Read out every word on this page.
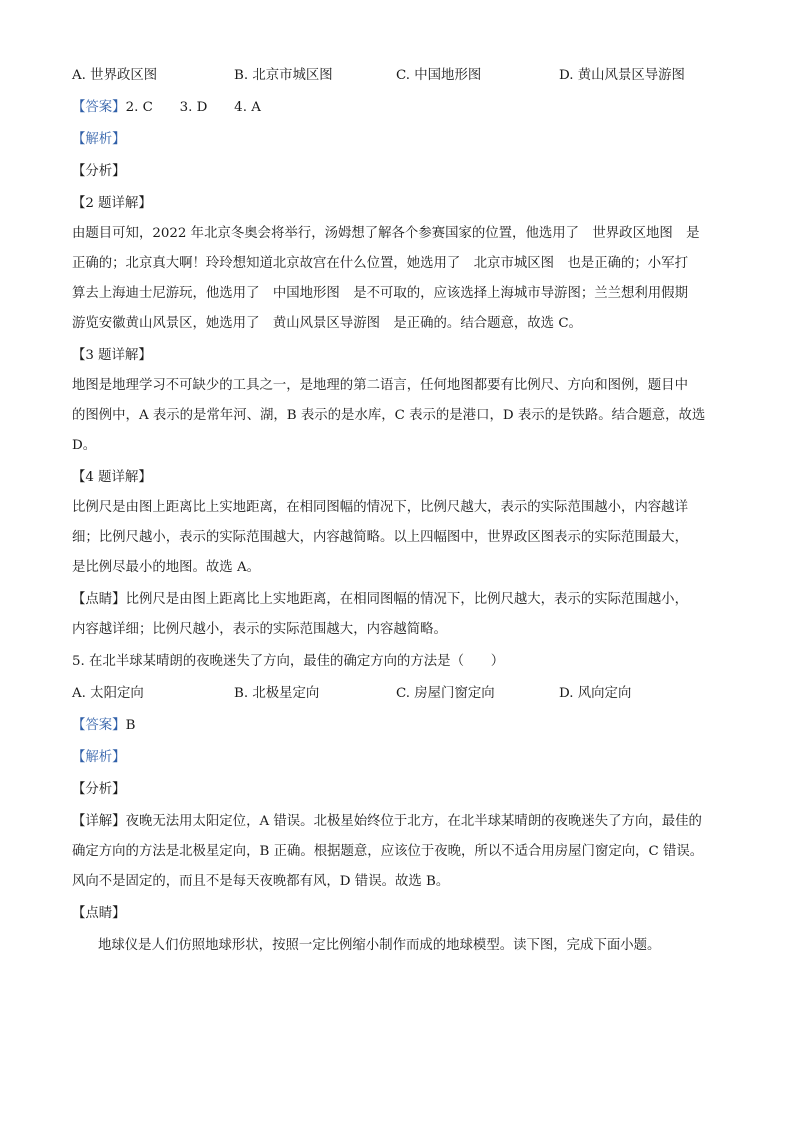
A. 世界政区图	B. 北京市城区图	C. 中国地形图	D. 黄山风景区导游图
【答案】2. C　　3. D　　4. A
【解析】
【分析】
【2 题详解】
由题目可知，2022 年北京冬奥会将举行，汤姆想了解各个参赛国家的位置，他选用了　世界政区地图　是
正确的；北京真大啊！玲玲想知道北京故宫在什么位置，她选用了　北京市城区图　也是正确的；小军打
算去上海迪士尼游玩，他选用了　中国地形图　是不可取的，应该选择上海城市导游图；兰兰想利用假期
游览安徽黄山风景区，她选用了　黄山风景区导游图　是正确的。结合题意，故选 C。
【3 题详解】
地图是地理学习不可缺少的工具之一，是地理的第二语言，任何地图都要有比例尺、方向和图例，题目中
的图例中，A 表示的是常年河、湖，B 表示的是水库，C 表示的是港口，D 表示的是铁路。结合题意，故选
D。
【4 题详解】
比例尺是由图上距离比上实地距离，在相同图幅的情况下，比例尺越大，表示的实际范围越小，内容越详
细；比例尺越小，表示的实际范围越大，内容越简略。以上四幅图中，世界政区图表示的实际范围最大，
是比例尽最小的地图。故选 A。
【点睛】比例尺是由图上距离比上实地距离，在相同图幅的情况下，比例尺越大，表示的实际范围越小，
内容越详细；比例尺越小，表示的实际范围越大，内容越简略。
5. 在北半球某晴朗的夜晚迷失了方向，最佳的确定方向的方法是（　　）
A. 太阳定向	B. 北极星定向	C. 房屋门窗定向	D. 风向定向
【答案】B
【解析】
【分析】
【详解】夜晚无法用太阳定位，A 错误。北极星始终位于北方，在北半球某晴朗的夜晚迷失了方向，最佳的
确定方向的方法是北极星定向，B 正确。根据题意，应该位于夜晚，所以不适合用房屋门窗定向，C 错误。
风向不是固定的，而且不是每天夜晚都有风，D 错误。故选 B。
【点睛】
地球仪是人们仿照地球形状，按照一定比例缩小制作而成的地球模型。读下图，完成下面小题。
